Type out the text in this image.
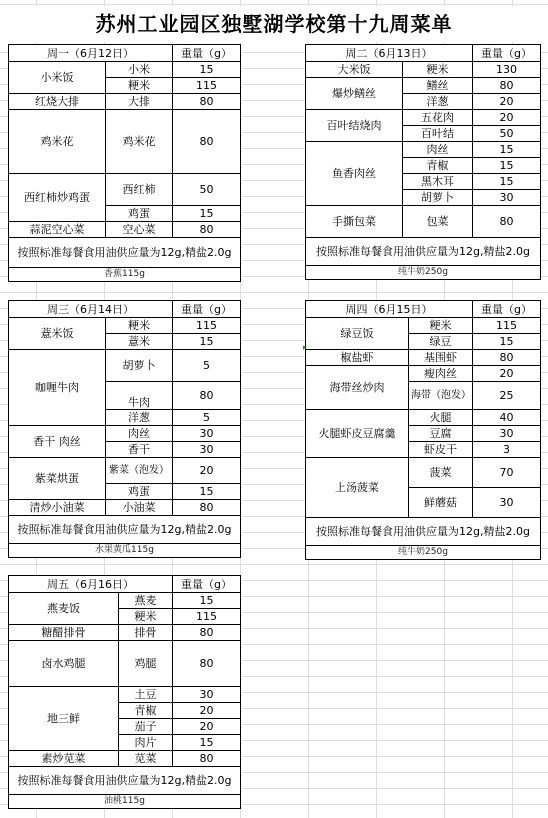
苏州工业园区独墅湖学校第十九周菜单
周一（6月12日）		重量（g）
小米饭	小米	15
	粳米	115
红烧大排	大排	80
鸡米花	鸡米花	80
西红柿炒鸡蛋	西红柿	50
	鸡蛋	15
蒜泥空心菜	空心菜	80
按照标准每餐食用油供应量为12g,精盐2.0g		
香蕉115g		
周二（6月13日）		重量（g）
大米饭	粳米	130
爆炒鳝丝	鳝丝	80
	洋葱	20
百叶结烧肉	五花肉	20
	百叶结	50
鱼香肉丝	肉丝	15
	青椒	15
	黑木耳	15
	胡萝卜	30
手撕包菜	包菜	80
按照标准每餐食用油供应量为12g,精盐2.0g		
纯牛奶250g		
周三（6月14日）		重量（g）
薏米饭	粳米	115
	薏米	15
咖喱牛肉	胡萝卜	5
	牛肉	80
	洋葱	5
香干 肉丝	肉丝	30
	香干	30
紫菜烘蛋	紫菜（泡发）	20
	鸡蛋	15
清炒小油菜	小油菜	80
按照标准每餐食用油供应量为12g,精盐2.0g		
水果黄瓜115g		
周四（6月15日）		重量（g）
绿豆饭	粳米	115
	绿豆	15
椒盐虾	基围虾	80
海带丝炒肉	瘦肉丝	20
	海带（泡发）	25
火腿虾皮豆腐羹	火腿	40
	豆腐	30
	虾皮干	3
上汤菠菜	菠菜	70
	鲜蘑菇	30
按照标准每餐食用油供应量为12g,精盐2.0g		
纯牛奶250g		
周五（6月16日）		重量（g）
燕麦饭	燕麦	15
	粳米	115
糖醋排骨	排骨	80
卤水鸡腿	鸡腿	80
地三鲜	土豆	30
	青椒	20
	茄子	20
	肉片	15
素炒苋菜	苋菜	80
按照标准每餐食用油供应量为12g,精盐2.0g		
油桃115g		
